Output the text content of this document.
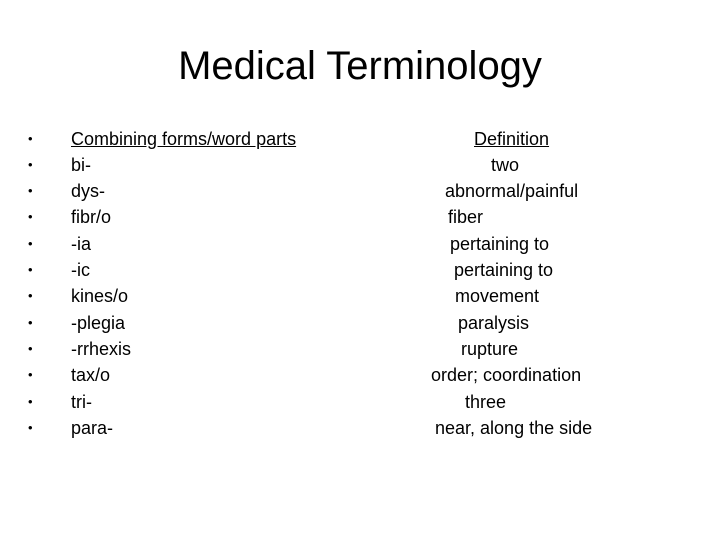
Medical Terminology
•	Combining forms/word parts	Definition
•	bi-	two
•	dys-	abnormal/painful
•	fibr/o	fiber
•	-ia	pertaining to
•	-ic	pertaining to
•	kines/o	movement
•	-plegia	paralysis
•	-rrhexis	rupture
•	tax/o	order; coordination
•	tri-	three
•	para-	near, along the side
